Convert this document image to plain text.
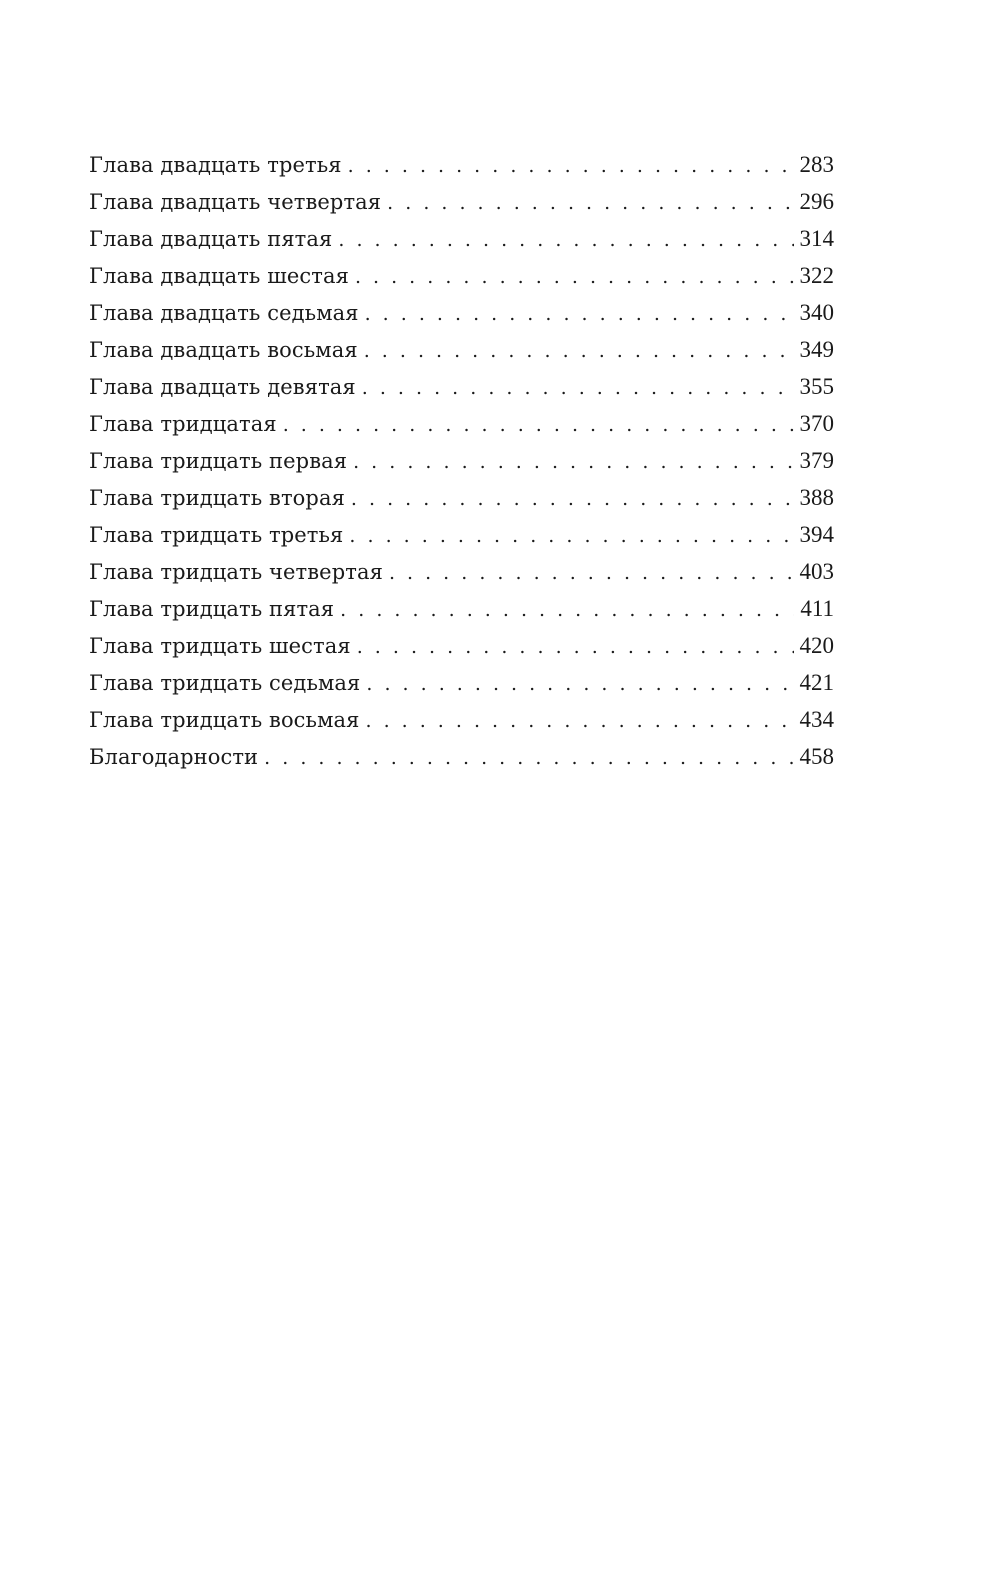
Глава двадцать третья . . .	283
Глава двадцать четвертая . . .	296
Глава двадцать пятая . . .	314
Глава двадцать шестая . . .	322
Глава двадцать седьмая . . .	340
Глава двадцать восьмая . . .	349
Глава двадцать девятая . . .	355
Глава тридцатая . . .	370
Глава тридцать первая . . .	379
Глава тридцать вторая . . .	388
Глава тридцать третья . . .	394
Глава тридцать четвертая . . .	403
Глава тридцать пятая . . .	411
Глава тридцать шестая . . .	420
Глава тридцать седьмая . . .	421
Глава тридцать восьмая . . .	434
Благодарности . . .	458
